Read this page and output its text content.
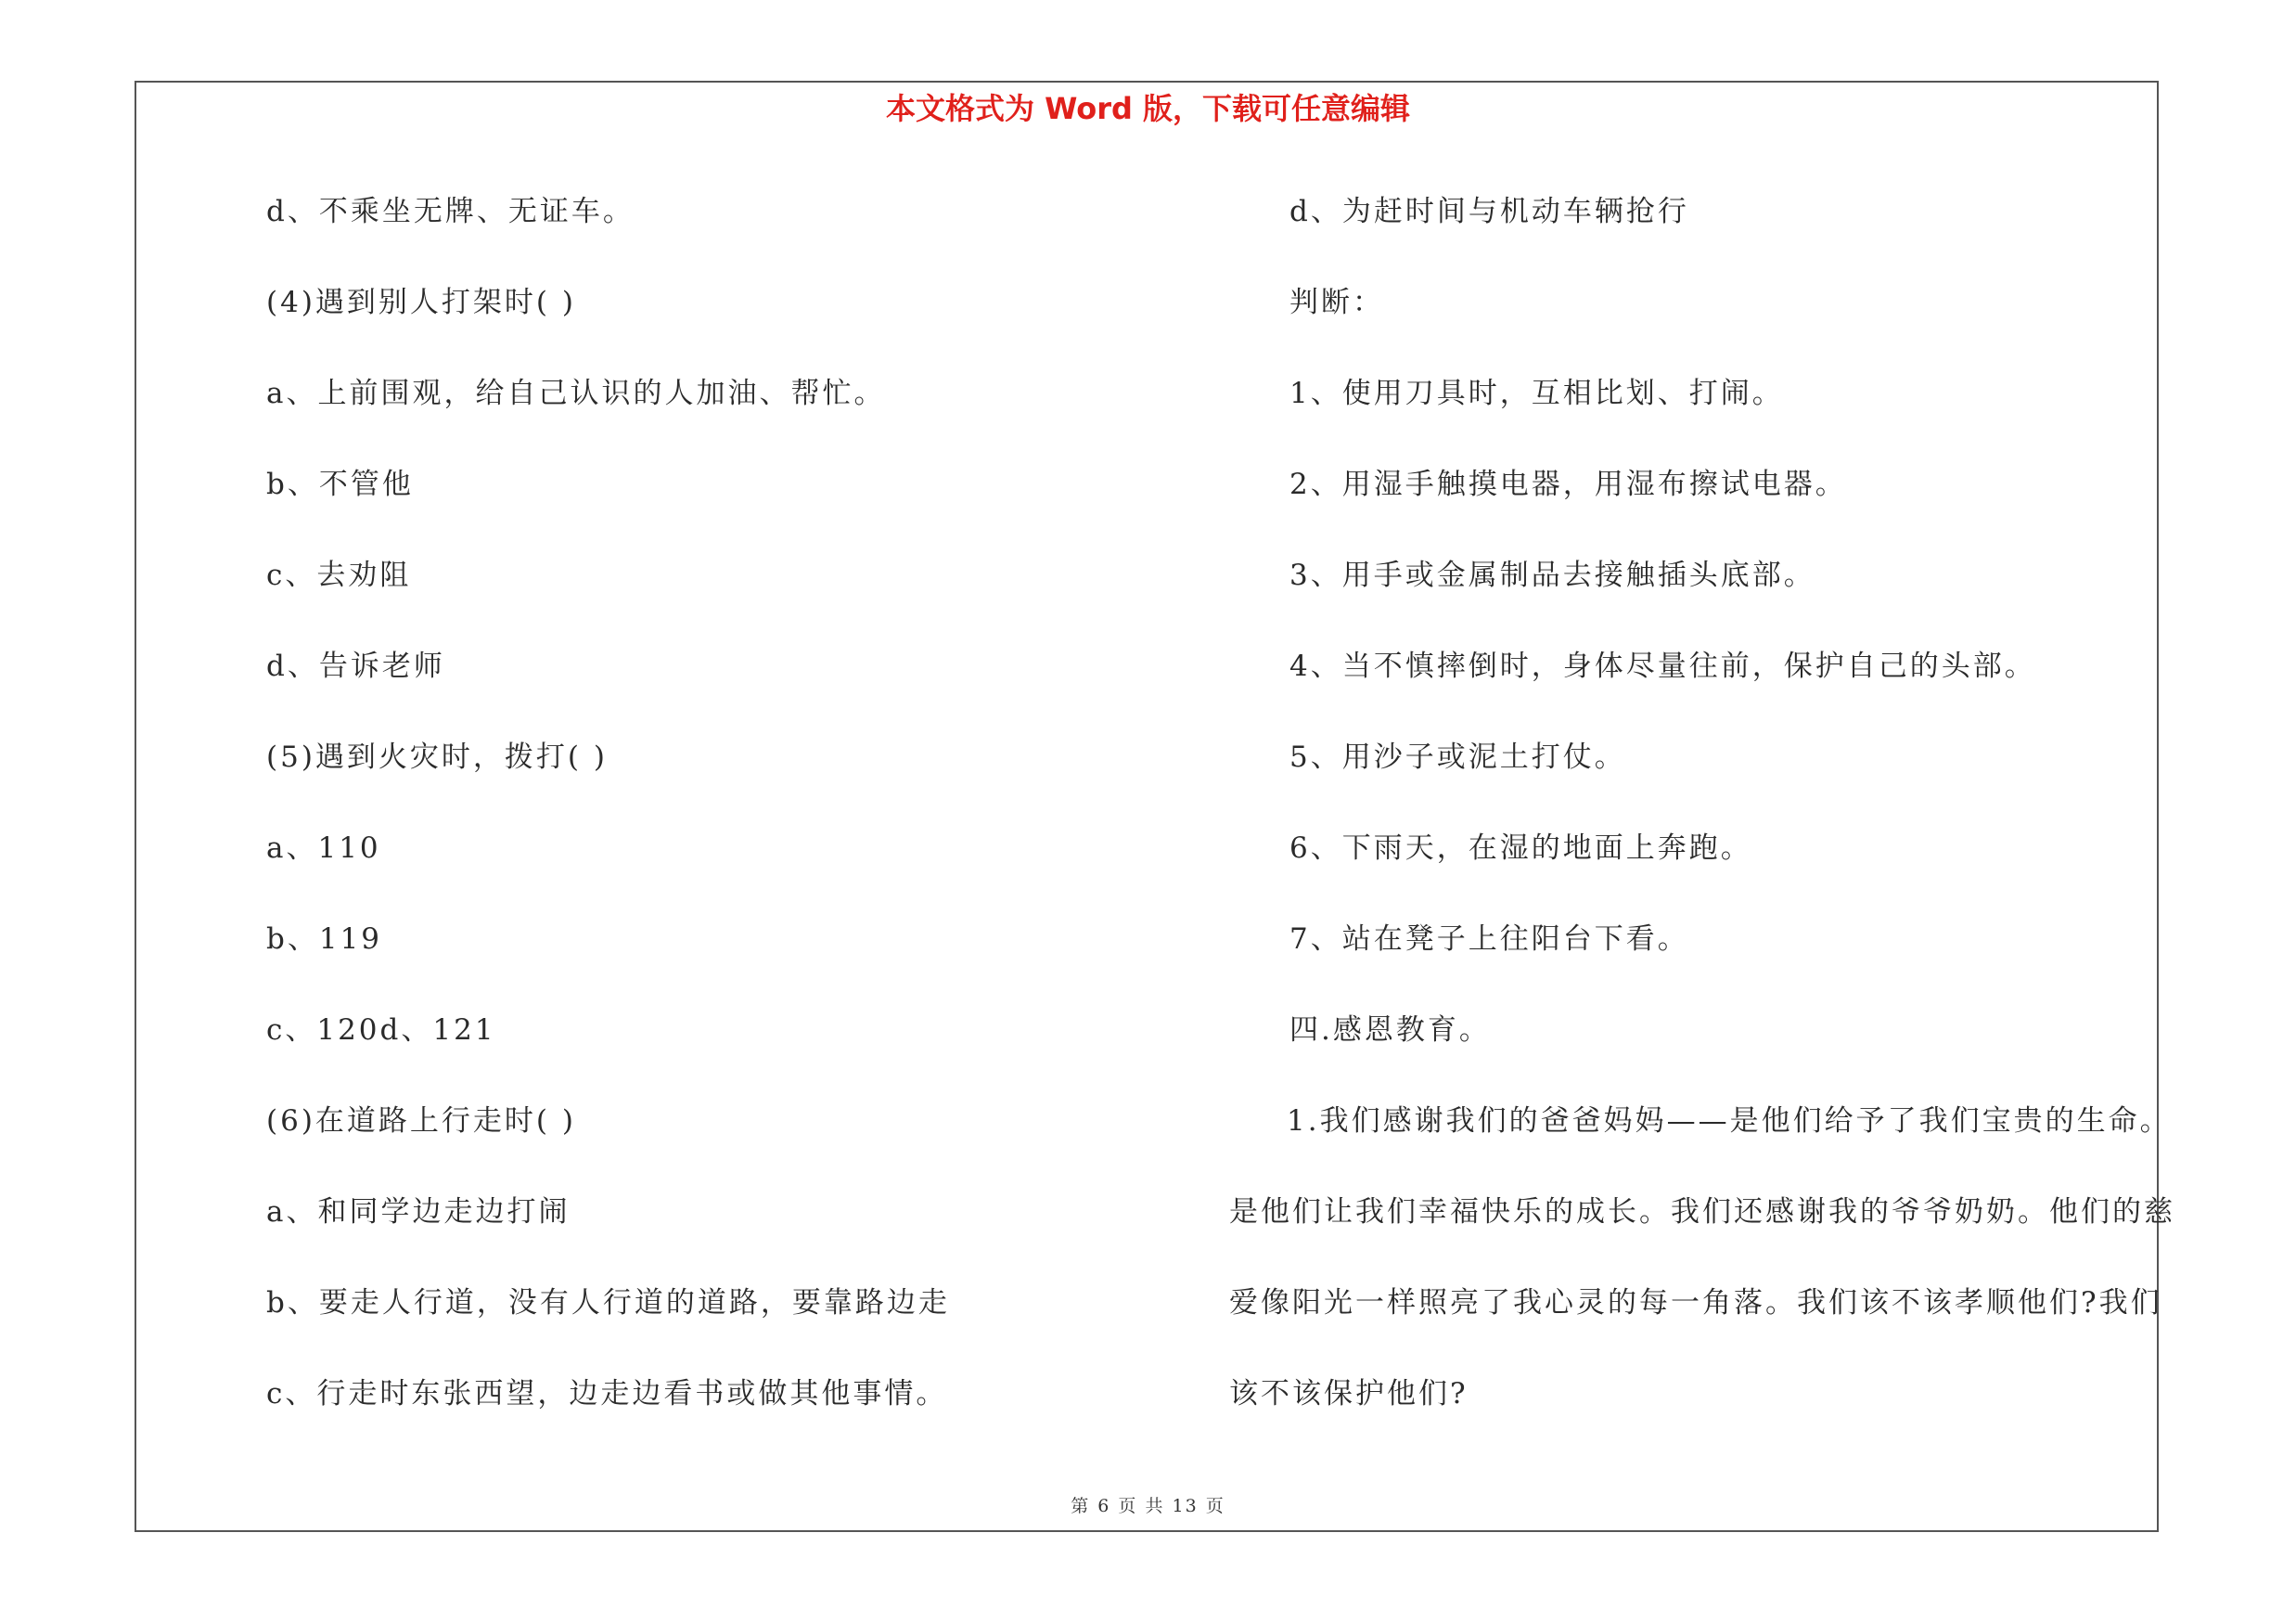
本文格式为 Word 版，下载可任意编辑
d、不乘坐无牌、无证车。
(4)遇到别人打架时( )
a、上前围观，给自己认识的人加油、帮忙。
b、不管他
c、去劝阻
d、告诉老师
(5)遇到火灾时，拨打( )
a、110
b、119
c、120d、121
(6)在道路上行走时( )
a、和同学边走边打闹
b、要走人行道，没有人行道的道路，要靠路边走
c、行走时东张西望，边走边看书或做其他事情。
d、为赶时间与机动车辆抢行
判断：
1、使用刀具时，互相比划、打闹。
2、用湿手触摸电器，用湿布擦试电器。
3、用手或金属制品去接触插头底部。
4、当不慎摔倒时，身体尽量往前，保护自己的头部。
5、用沙子或泥土打仗。
6、下雨天，在湿的地面上奔跑。
7、站在凳子上往阳台下看。
四.感恩教育。
1.我们感谢我们的爸爸妈妈——是他们给予了我们宝贵的生命。
是他们让我们幸福快乐的成长。我们还感谢我的爷爷奶奶。他们的慈
爱像阳光一样照亮了我心灵的每一角落。我们该不该孝顺他们?我们
该不该保护他们?
第 6 页 共 13 页
